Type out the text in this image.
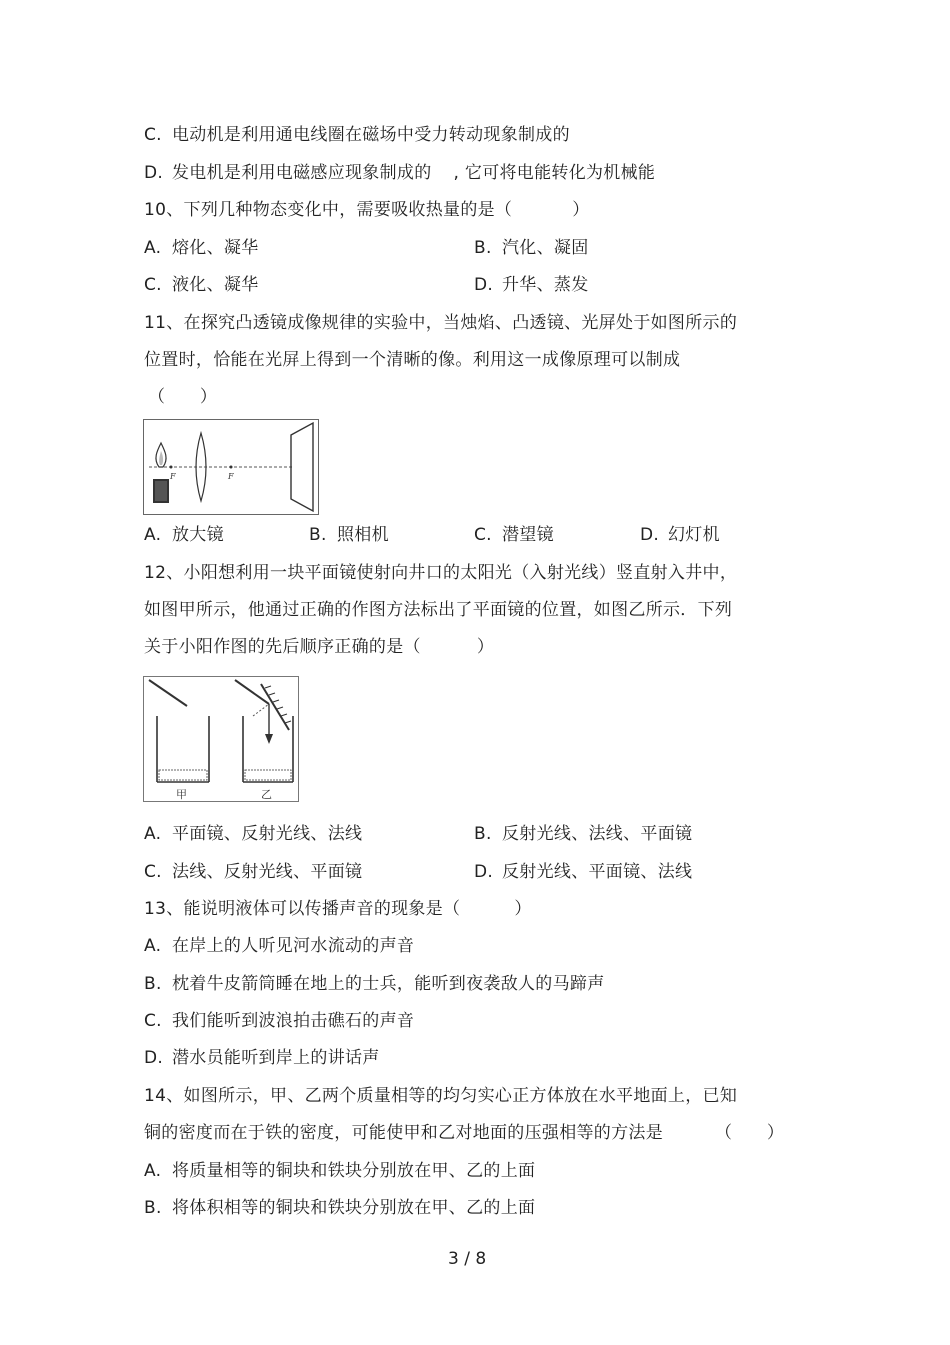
C. 电动机是利用通电线圈在磁场中受力转动现象制成的
D. 发电机是利用电磁感应现象制成的 , 它可将电能转化为机械能
10、下列几种物态变化中，需要吸收热量的是（	）
A. 熔化、凝华	B. 汽化、凝固
C. 液化、凝华	D. 升华、蒸发
11、在探究凸透镜成像规律的实验中，当烛焰、凸透镜、光屏处于如图所示的
位置时，恰能在光屏上得到一个清晰的像。利用这一成像原理可以制成
（　　）
F	F
A. 放大镜	B. 照相机	C. 潜望镜	D. 幻灯机
12、小阳想利用一块平面镜使射向井口的太阳光（入射光线）竖直射入井中，
如图甲所示，他通过正确的作图方法标出了平面镜的位置，如图乙所示．下列
关于小阳作图的先后顺序正确的是（	）
甲	乙
A. 平面镜、反射光线、法线	B. 反射光线、法线、平面镜
C. 法线、反射光线、平面镜	D. 反射光线、平面镜、法线
13、能说明液体可以传播声音的现象是（	）
A. 在岸上的人听见河水流动的声音
B. 枕着牛皮箭筒睡在地上的士兵，能听到夜袭敌人的马蹄声
C. 我们能听到波浪拍击礁石的声音
D. 潜水员能听到岸上的讲话声
14、如图所示，甲、乙两个质量相等的均匀实心正方体放在水平地面上，已知
铜的密度而在于铁的密度，可能使甲和乙对地面的压强相等的方法是	（　　）
A. 将质量相等的铜块和铁块分别放在甲、乙的上面
B. 将体积相等的铜块和铁块分别放在甲、乙的上面
3 / 8
